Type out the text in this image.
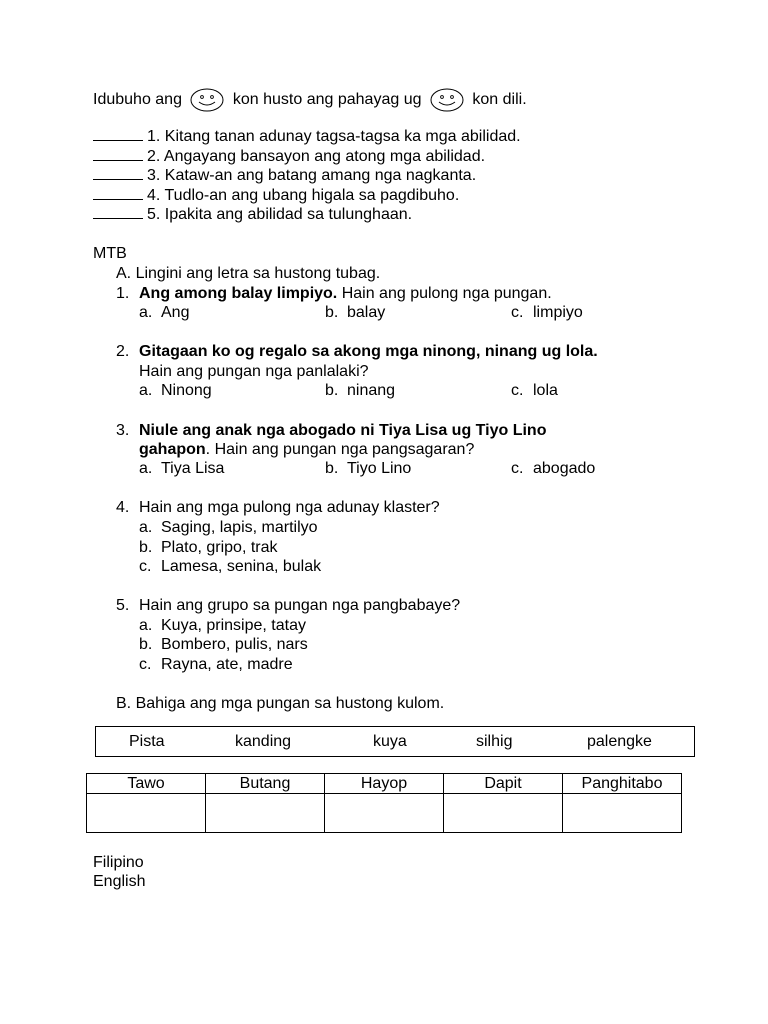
Idubuho ang	kon husto ang pahayag ug	kon dili.
1. Kitang tanan adunay tagsa-tagsa ka mga abilidad.
2. Angayang bansayon ang atong mga abilidad.
3. Kataw-an ang batang amang nga nagkanta.
4. Tudlo-an ang ubang higala sa pagdibuho.
5. Ipakita ang abilidad sa tulunghaan.
MTB
A. Lingini ang letra sa hustong tubag.
1. Ang among balay limpiyo. Hain ang pulong nga pungan.
a. Ang	b. balay	c. limpiyo
2. Gitagaan ko og regalo sa akong mga ninong, ninang ug lola.
Hain ang pungan nga panlalaki?
a. Ninong	b. ninang	c. lola
3. Niule ang anak nga abogado ni Tiya Lisa ug Tiyo Lino
gahapon. Hain ang pungan nga pangsagaran?
a. Tiya Lisa	b. Tiyo Lino	c. abogado
4. Hain ang mga pulong nga adunay klaster?
a. Saging, lapis, martilyo
b. Plato, gripo, trak
c. Lamesa, senina, bulak
5. Hain ang grupo sa pungan nga pangbabaye?
a. Kuya, prinsipe, tatay
b. Bombero, pulis, nars
c. Rayna, ate, madre
B. Bahiga ang mga pungan sa hustong kulom.
Pista	kanding	kuya	silhig	palengke
Tawo	Butang	Hayop	Dapit	Panghitabo

Filipino
English
